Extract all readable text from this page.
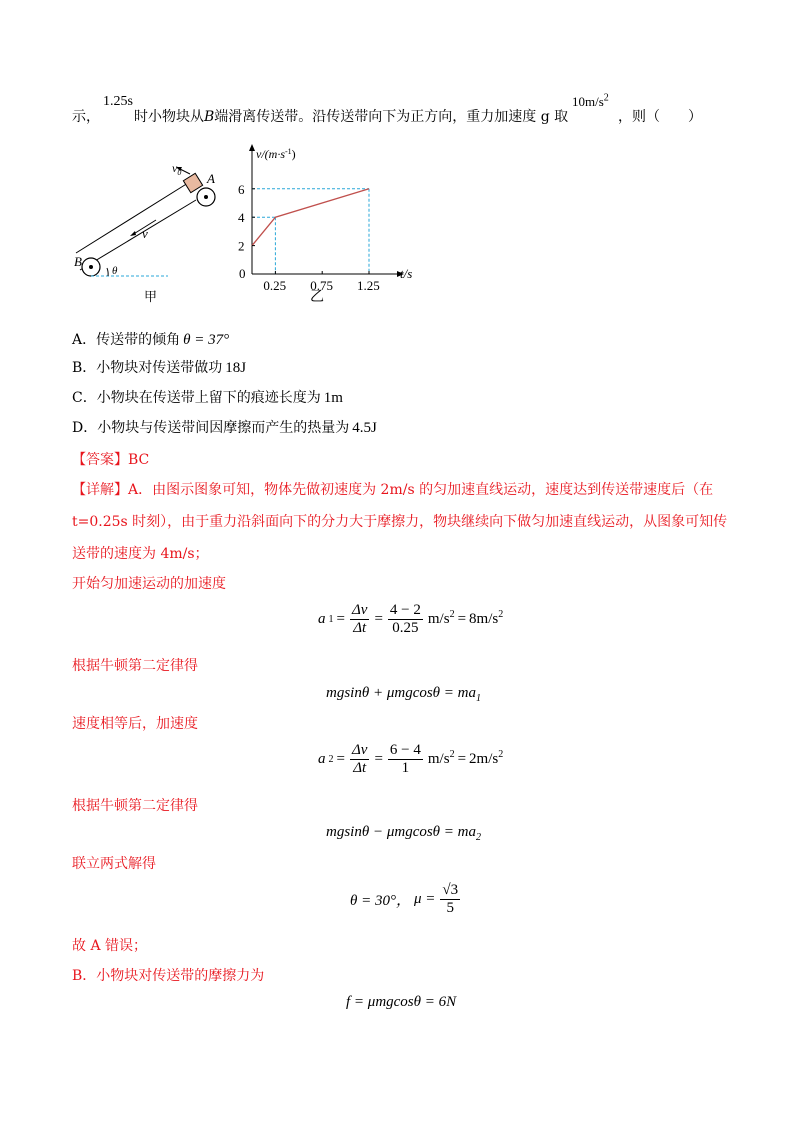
示，
1.25s
时小物块从B端滑离传送带。沿传送带向下为正方向，重力加速度 g 取
$10m/s^2$
，则（　　）
$v_0$ A
B
v
θ
甲
$v/(m\cdot s^{-1})$
t/s
0
0.25 0.75 1.25
2
4
6
乙
A．传送带的倾角 θ = 37°
B．小物块对传送带做功 18J
C．小物块在传送带上留下的痕迹长度为 1m
D．小物块与传送带间因摩擦而产生的热量为 4.5J
【答案】BC
【详解】A．由图示图象可知，物体先做初速度为 2m/s 的匀加速直线运动，速度达到传送带速度后（在
t=0.25s 时刻），由于重力沿斜面向下的分力大于摩擦力，物块继续向下做匀加速直线运动，从图象可知传
送带的速度为 4m/s；
开始匀加速运动的加速度
a $1 = \frac{\Delta v}{\Delta t} = \frac{4 - 2}{0.25} m/s^2 = 8m/s^2$
根据牛顿第二定律得
$mgsin\theta + \mu mgcos\theta = ma_1$
速度相等后，加速度
a $2 = \frac{\Delta v}{\Delta t} = \frac{6 - 4}{1} m/s^2 = 2m/s^2$
根据牛顿第二定律得
$mgsin\theta - \mu mgcos\theta = ma_2$
联立两式解得
θ = 30°， $\mu = \frac{√3}{5}$
故 A 错误；
B．小物块对传送带的摩擦力为
f = μmgcosθ = 6N
